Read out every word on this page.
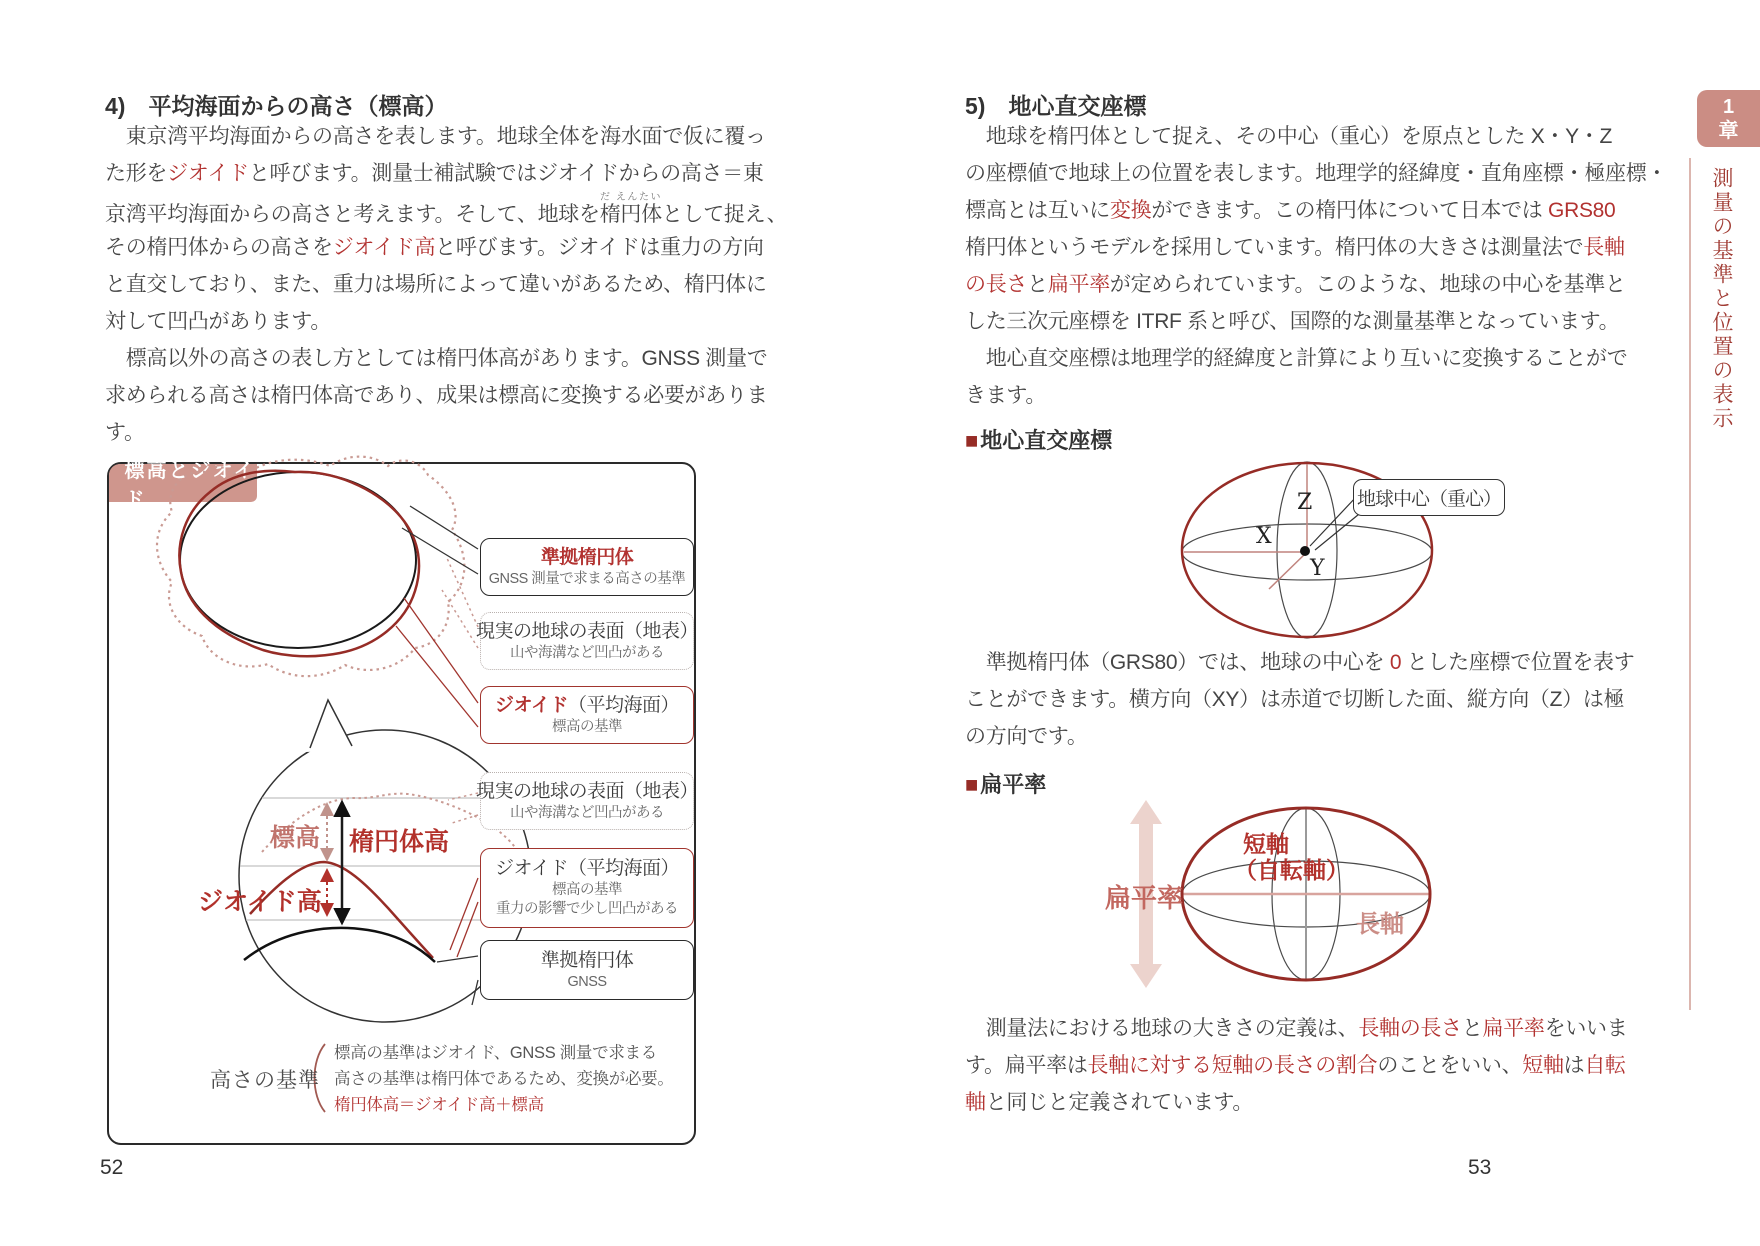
標高とジオイド
4)　平均海面からの高さ（標高）
　東京湾平均海面からの高さを表します。地球全体を海水面で仮に覆っ
た形をジオイドと呼びます。測量士補試験ではジオイドからの高さ＝東
京湾平均海面からの高さと考えます。そして、地球を楕円体だ えんたいとして捉え、
その楕円体からの高さをジオイド高と呼びます。ジオイドは重力の方向
と直交しており、また、重力は場所によって違いがあるため、楕円体に
対して凹凸があります。
　標高以外の高さの表し方としては楕円体高があります。GNSS 測量で
求められる高さは楕円体高であり、成果は標高に変換する必要がありま
す。
準拠楕円体
GNSS 測量で求まる高さの基準
現実の地球の表面（地表）
山や海溝など凹凸がある
ジオイド（平均海面）
標高の基準
現実の地球の表面（地表）
山や海溝など凹凸がある
ジオイド（平均海面）
標高の基準
重力の影響で少し凹凸がある
準拠楕円体
GNSS
標高 楕円体高
ジオイド高
高さの基準
標高の基準はジオイド、GNSS 測量で求まる
高さの基準は楕円体であるため、変換が必要。
楕円体高＝ジオイド高＋標高
52
5)　地心直交座標
　地球を楕円体として捉え、その中心（重心）を原点とした X・Y・Z
の座標値で地球上の位置を表します。地理学的経緯度・直角座標・極座標・
標高とは互いに変換ができます。この楕円体について日本では GRS80
楕円体というモデルを採用しています。楕円体の大きさは測量法で長軸
の長さと扁平率が定められています。このような、地球の中心を基準と
した三次元座標を ITRF 系と呼び、国際的な測量基準となっています。
　地心直交座標は地理学的経緯度と計算により互いに変換することがで
きます。
■地心直交座標
X
Z
Y
地球中心（重心）
　準拠楕円体（GRS80）では、地球の中心を 0 とした座標で位置を表す
ことができます。横方向（XY）は赤道で切断した面、縦方向（Z）は極
の方向です。
■扁平率
扁平率
短軸
（自転軸）
長軸
　測量法における地球の大きさの定義は、長軸の長さと扁平率をいいま
す。扁平率は長軸に対する短軸の長さの割合のことをいい、短軸は自転
軸と同じと定義されています。
53
1
章
測量の基準と位置の表示
